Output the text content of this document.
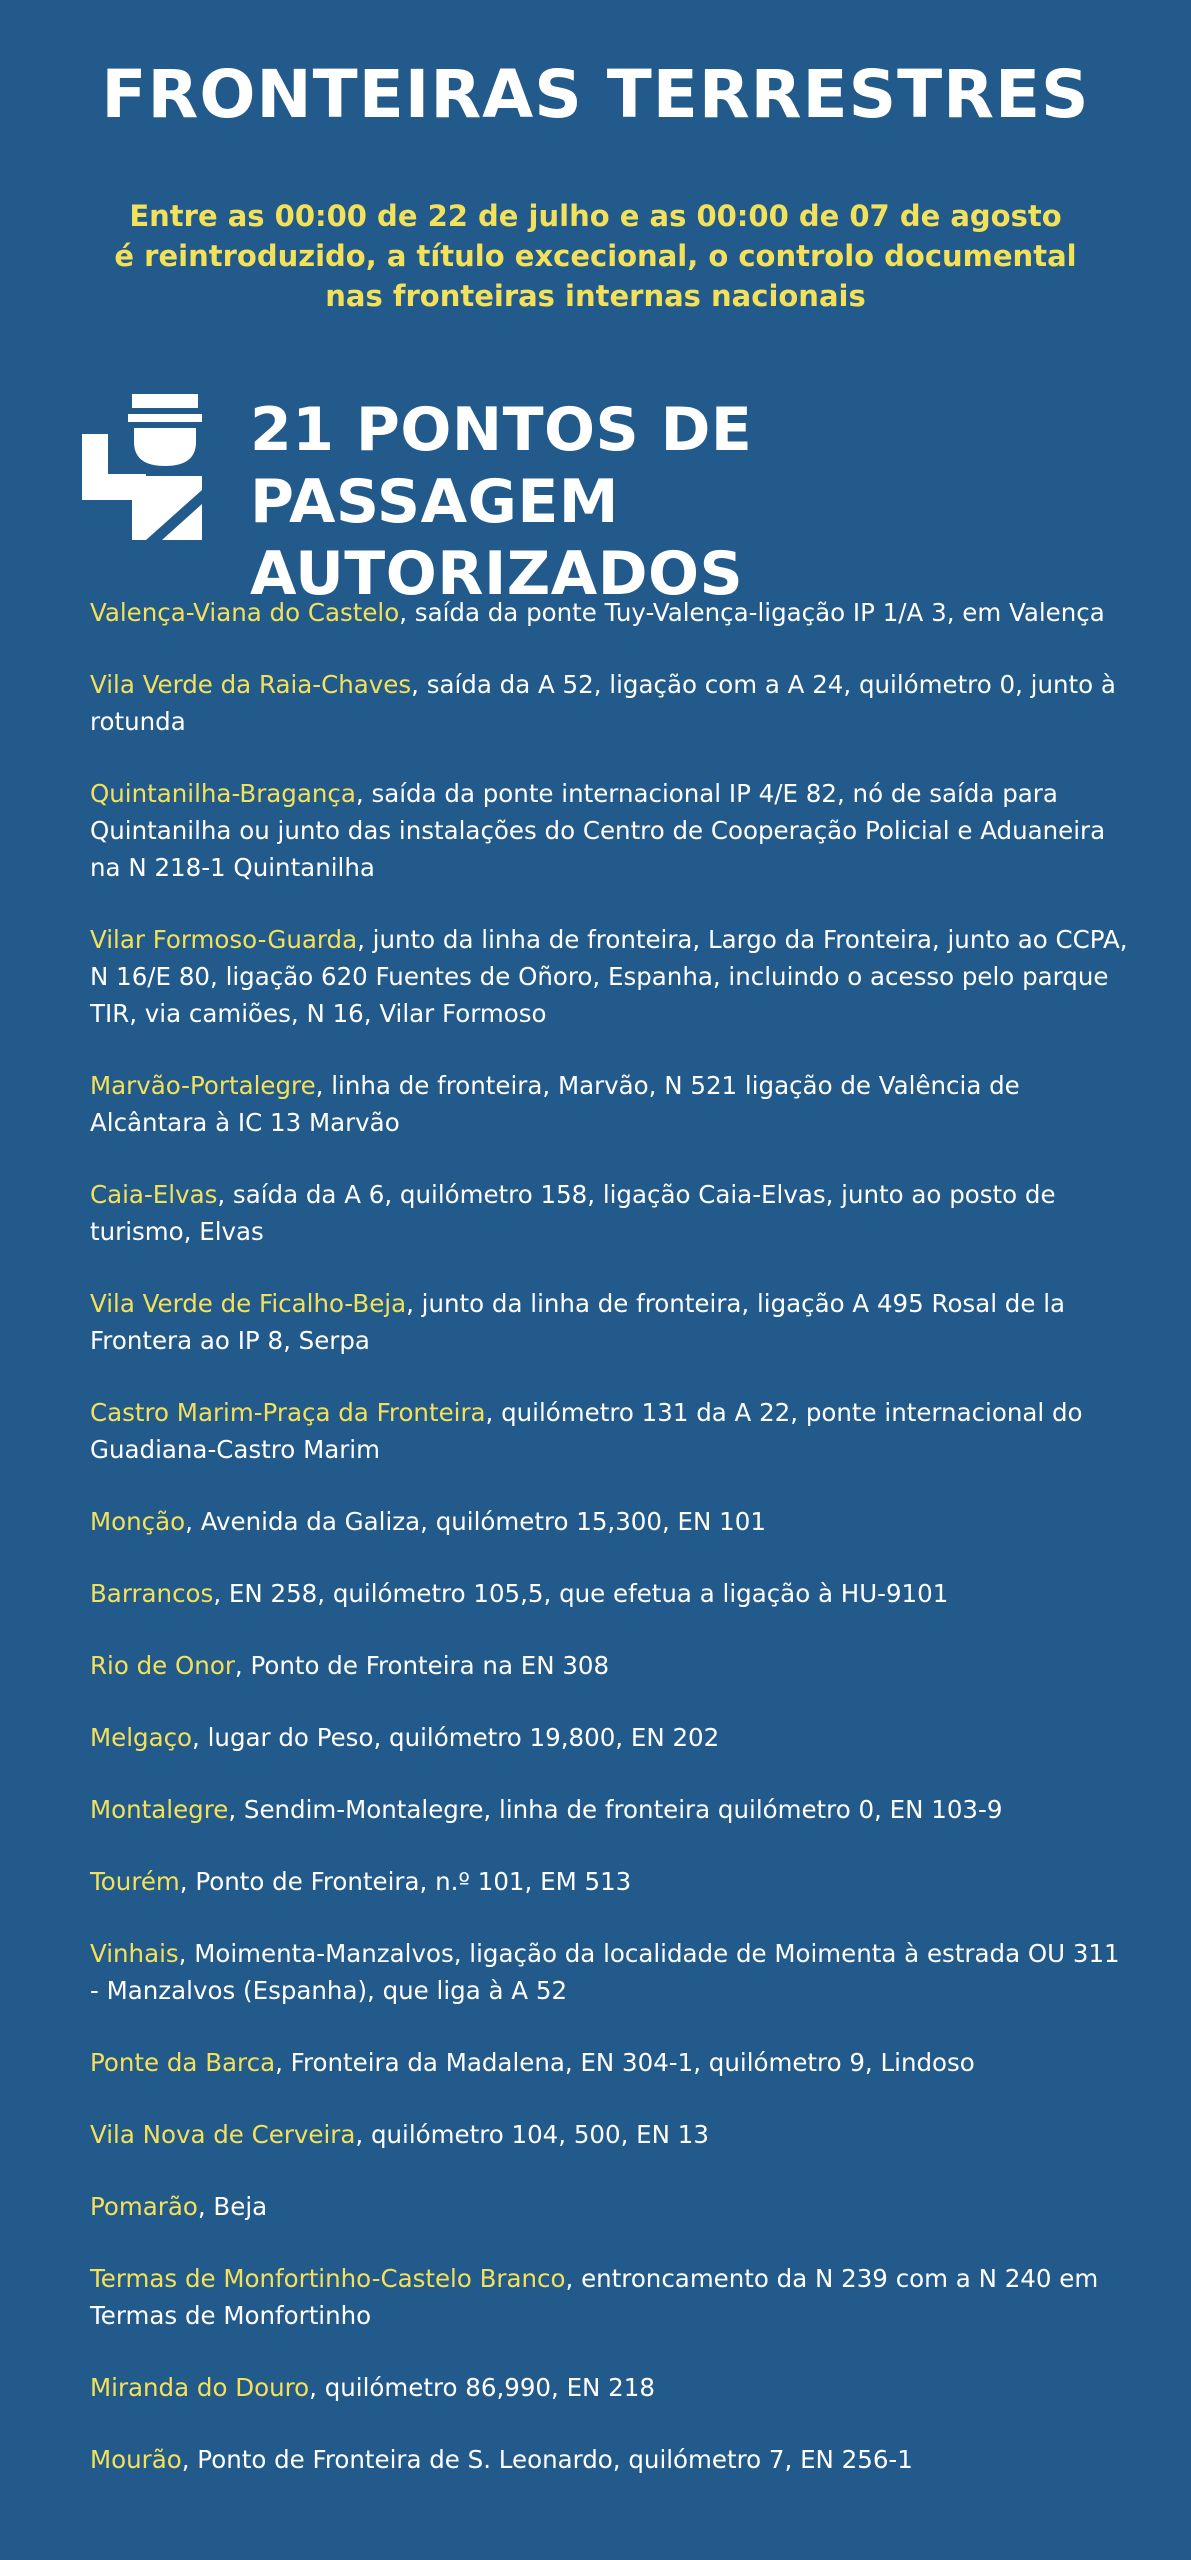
FRONTEIRAS TERRESTRES

Entre as 00:00 de 22 de julho e as 00:00 de 07 de agosto
é reintroduzido, a título excecional, o controlo documental
nas fronteiras internas nacionais

21 PONTOS DE PASSAGEM
AUTORIZADOS
Valença-Viana do Castelo, saída da ponte Tuy-Valença-ligação IP 1/A 3, em Valença
Vila Verde da Raia-Chaves, saída da A 52, ligação com a A 24, quilómetro 0, junto à rotunda
Quintanilha-Bragança, saída da ponte internacional IP 4/E 82, nó de saída para Quintanilha ou junto das instalações do Centro de Cooperação Policial e Aduaneira na N 218-1 Quintanilha
Vilar Formoso-Guarda, junto da linha de fronteira, Largo da Fronteira, junto ao CCPA, N 16/E 80, ligação 620 Fuentes de Oñoro, Espanha, incluindo o acesso pelo parque TIR, via camiões, N 16, Vilar Formoso
Marvão-Portalegre, linha de fronteira, Marvão, N 521 ligação de Valência de Alcântara à IC 13 Marvão
Caia-Elvas, saída da A 6, quilómetro 158, ligação Caia-Elvas, junto ao posto de turismo, Elvas
Vila Verde de Ficalho-Beja, junto da linha de fronteira, ligação A 495 Rosal de la Frontera ao IP 8, Serpa
Castro Marim-Praça da Fronteira, quilómetro 131 da A 22, ponte internacional do Guadiana-Castro Marim
Monção, Avenida da Galiza, quilómetro 15,300, EN 101
Barrancos, EN 258, quilómetro 105,5, que efetua a ligação à HU-9101
Rio de Onor, Ponto de Fronteira na EN 308
Melgaço, lugar do Peso, quilómetro 19,800, EN 202
Montalegre, Sendim-Montalegre, linha de fronteira quilómetro 0, EN 103-9
Tourém, Ponto de Fronteira, n.º 101, EM 513
Vinhais, Moimenta-Manzalvos, ligação da localidade de Moimenta à estrada OU 311 - Manzalvos (Espanha), que liga à A 52
Ponte da Barca, Fronteira da Madalena, EN 304-1, quilómetro 9, Lindoso
Vila Nova de Cerveira, quilómetro 104, 500, EN 13
Pomarão, Beja
Termas de Monfortinho-Castelo Branco, entroncamento da N 239 com a N 240 em Termas de Monfortinho
Miranda do Douro, quilómetro 86,990, EN 218
Mourão, Ponto de Fronteira de S. Leonardo, quilómetro 7, EN 256-1
